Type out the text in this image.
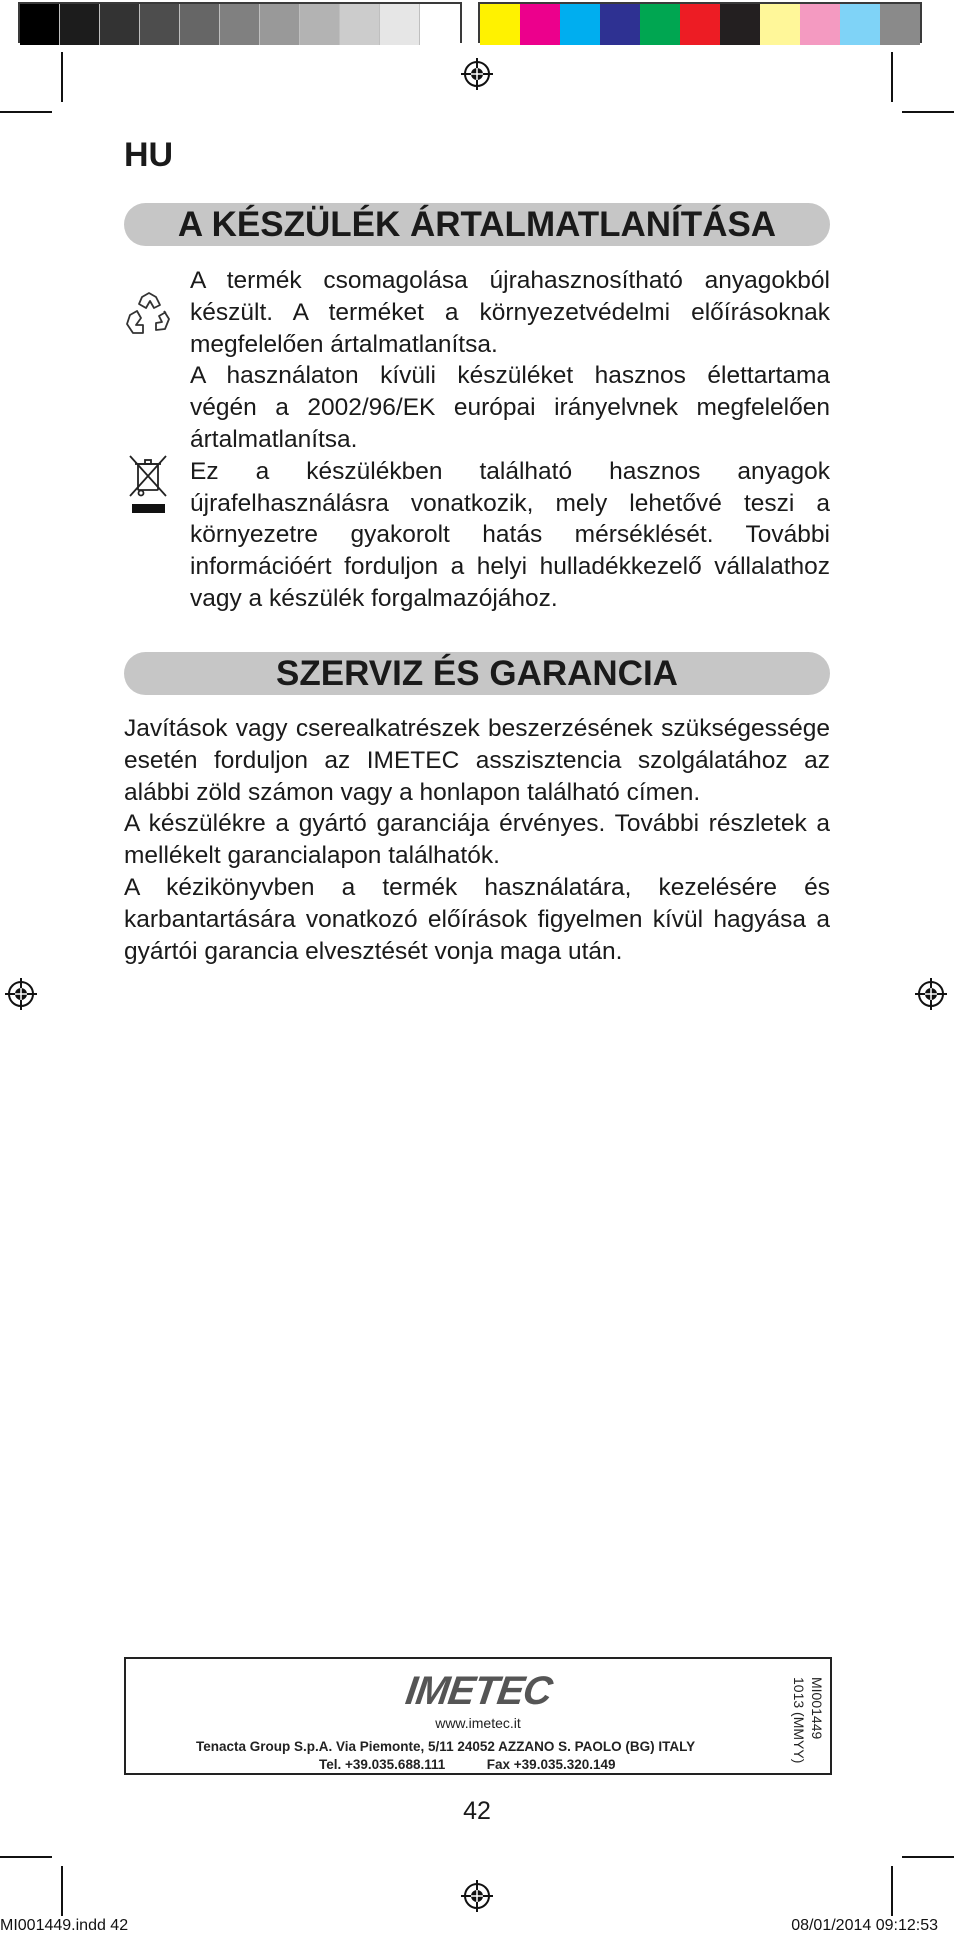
HU
A KÉSZÜLÉK ÁRTALMATLANÍTÁSA

A termék csomagolása újrahasznosítható anyagokból készült. A terméket a környezetvédelmi előírásoknak megfelelően ártalmatlanítsa.

A használaton kívüli készüléket hasznos élettartama végén a 2002/96/EK európai irányelvnek megfelelően ártalmatlanítsa.

Ez a készülékben található hasznos anyagok újrafelhasználásra vonatkozik, mely lehetővé teszi a környezetre gyakorolt hatás mérséklését. További információért forduljon a helyi hulladékkezelő vállalathoz vagy a készülék forgalmazójához.

SZERVIZ ÉS GARANCIA

Javítások vagy cserealkatrészek beszerzésének szükségessége esetén forduljon az IMETEC asszisztencia szolgálatához az alábbi zöld számon vagy a honlapon található címen.

A készülékre a gyártó garanciája érvényes. További részletek a mellékelt garancialapon találhatók.

A kézikönyvben a termék használatára, kezelésére és karbantartására vonatkozó előírások figyelmen kívül hagyása a gyártói garancia elvesztését vonja maga után.

IMETEC
www.imetec.it
Tenacta Group S.p.A. Via Piemonte, 5/11 24052 AZZANO S. PAOLO (BG) ITALY
Tel. +39.035.688.111	Fax +39.035.320.149
MI001449
1013 (MMYY)
42
MI001449.indd 42	08/01/2014 09:12:53
